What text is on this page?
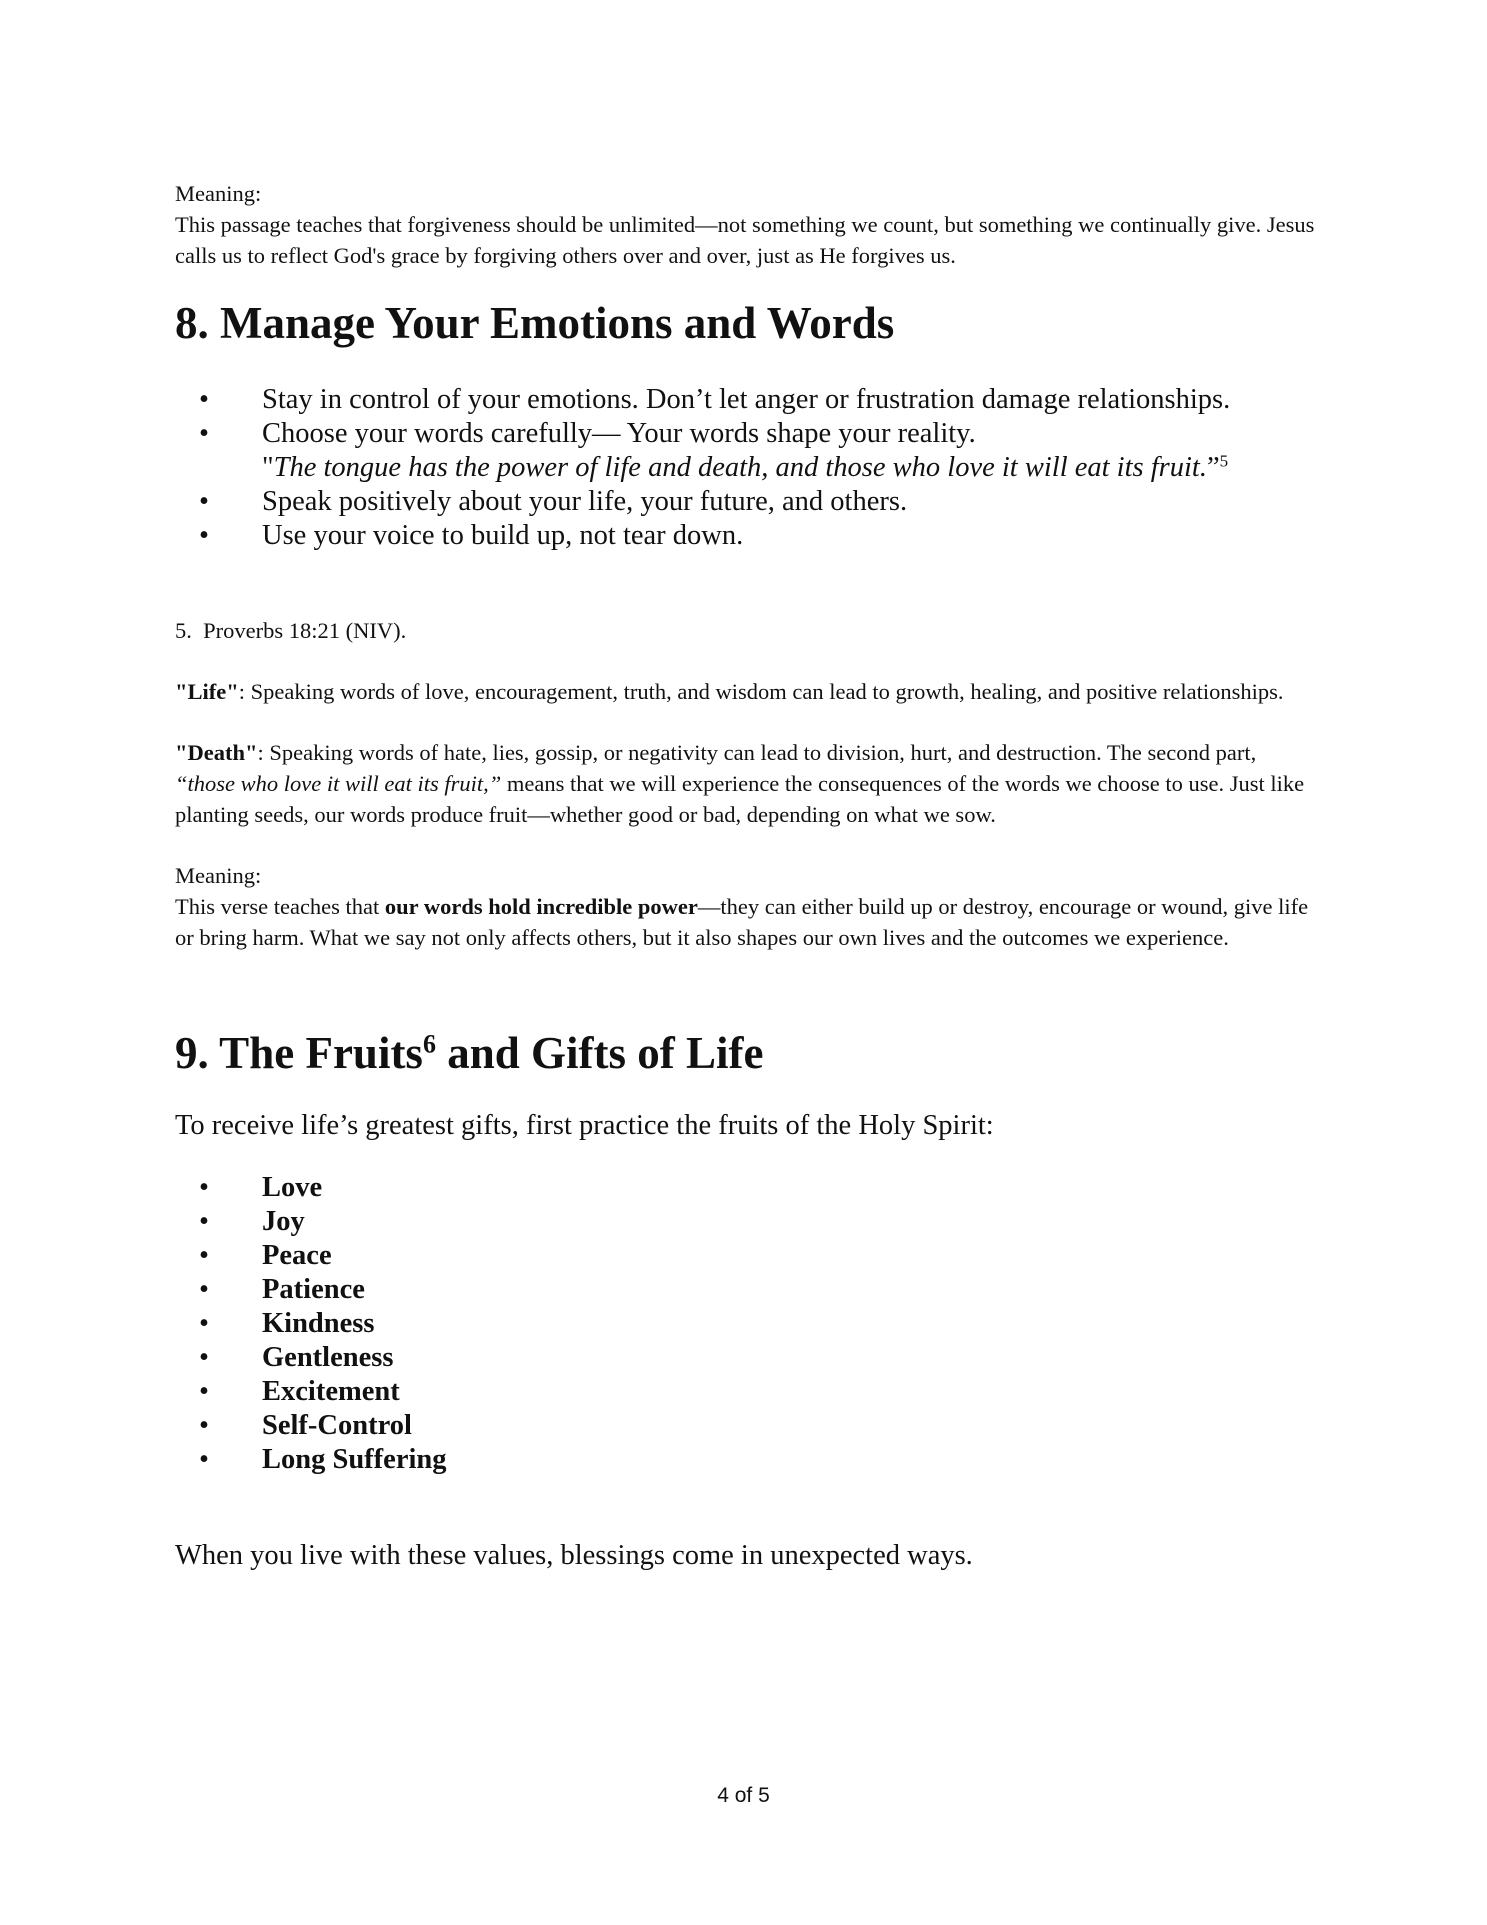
Meaning:

This passage teaches that forgiveness should be unlimited—not something we count, but something we continually give. Jesus calls us to reflect God's grace by forgiving others over and over, just as He forgives us.

8. Manage Your Emotions and Words
• Stay in control of your emotions. Don’t let anger or frustration damage relationships.
• Choose your words carefully— Your words shape your reality.
"The tongue has the power of life and death, and those who love it will eat its fruit.”$^5$
• Speak positively about your life, your future, and others.
• Use your voice to build up, not tear down.

5. Proverbs 18:21 (NIV).

"Life": Speaking words of love, encouragement, truth, and wisdom can lead to growth, healing, and positive relationships.

"Death": Speaking words of hate, lies, gossip, or negativity can lead to division, hurt, and destruction. The second part, “those who love it will eat its fruit,” means that we will experience the consequences of the words we choose to use. Just like planting seeds, our words produce fruit—whether good or bad, depending on what we sow.

Meaning:

This verse teaches that our words hold incredible power—they can either build up or destroy, encourage or wound, give life or bring harm. What we say not only affects others, but it also shapes our own lives and the outcomes we experience.

9. The Fruits$^6$ and Gifts of Life

To receive life’s greatest gifts, first practice the fruits of the Holy Spirit:

• Love
• Joy
• Peace
• Patience
• Kindness
• Gentleness
• Excitement
• Self-Control
• Long Suffering

When you live with these values, blessings come in unexpected ways.

4 of 5
